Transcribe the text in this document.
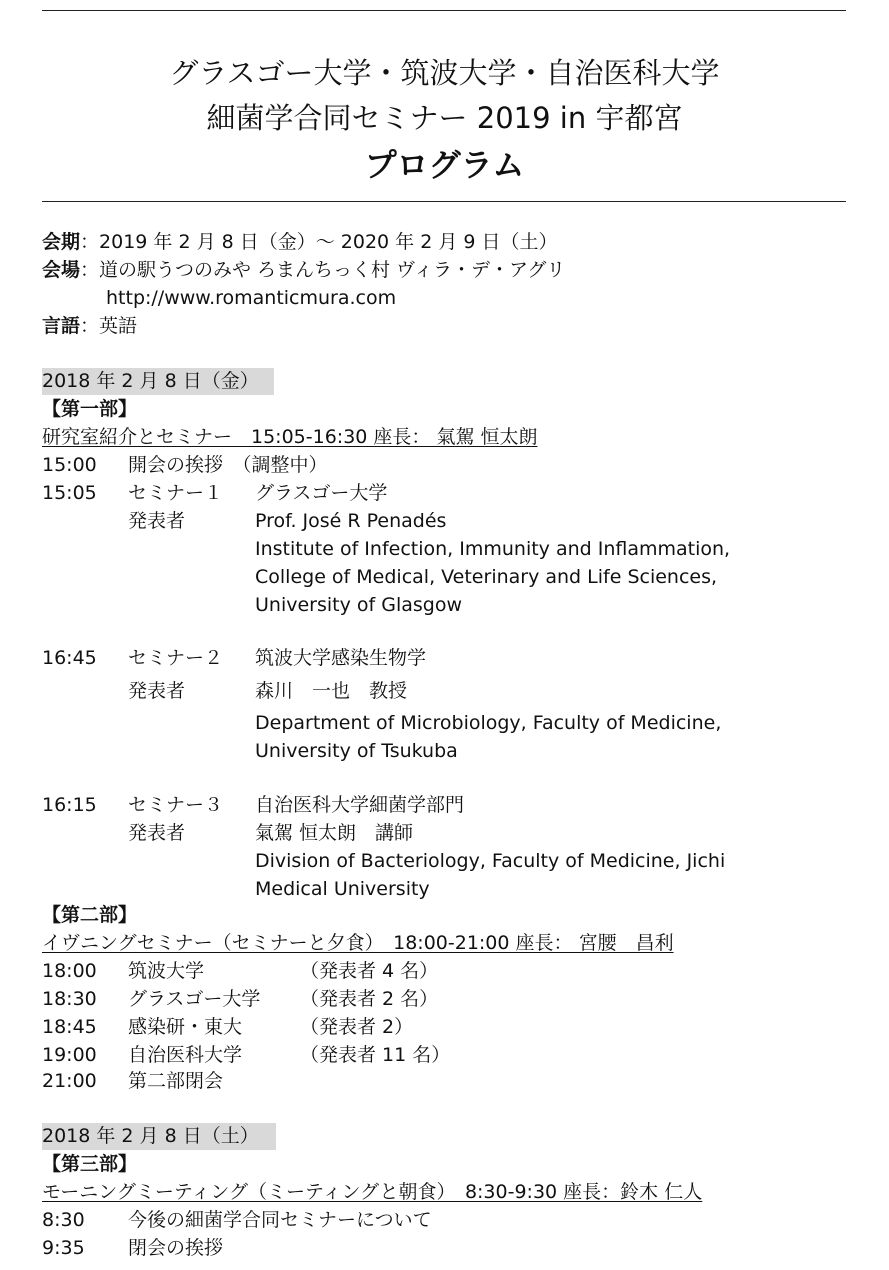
グラスゴー大学・筑波大学・自治医科大学
細菌学合同セミナー 2019 in 宇都宮
プログラム
会期：2019 年 2 月 8 日（金）～ 2020 年 2 月 9 日（土）
会場：道の駅うつのみや ろまんちっく村 ヴィラ・デ・アグリ
http://www.romanticmura.com
言語：英語
2018 年 2 月 8 日（金）
【第一部】
研究室紹介とセミナー　15:05-16:30 座長： 氣駕 恒太朗
15:00 開会の挨拶　（調整中）
15:05 セミナー１ グラスゴー大学
発表者	Prof. José R Penadés
Institute of Infection, Immunity and Inflammation,
College of Medical, Veterinary and Life Sciences,
University of Glasgow
16:45 セミナー２ 筑波大学感染生物学
発表者	森川　一也　教授
Department of Microbiology, Faculty of Medicine,
University of Tsukuba
16:15 セミナー３ 自治医科大学細菌学部門
発表者	氣駕 恒太朗　講師
Division of Bacteriology, Faculty of Medicine, Jichi
Medical University
【第二部】
イヴニングセミナー（セミナーと夕食）　18:00-21:00 座長： 宮腰　昌利
18:00 筑波大学	（発表者 4 名）
18:30 グラスゴー大学 （発表者 2 名）
18:45 感染研・東大	（発表者 2）
19:00 自治医科大学	（発表者 11 名）
21:00 第二部閉会
2018 年 2 月 8 日（土）
【第三部】
モーニングミーティング（ミーティングと朝食）　8:30-9:30 座長：鈴木 仁人
8:30 今後の細菌学合同セミナーについて
9:35 閉会の挨拶
